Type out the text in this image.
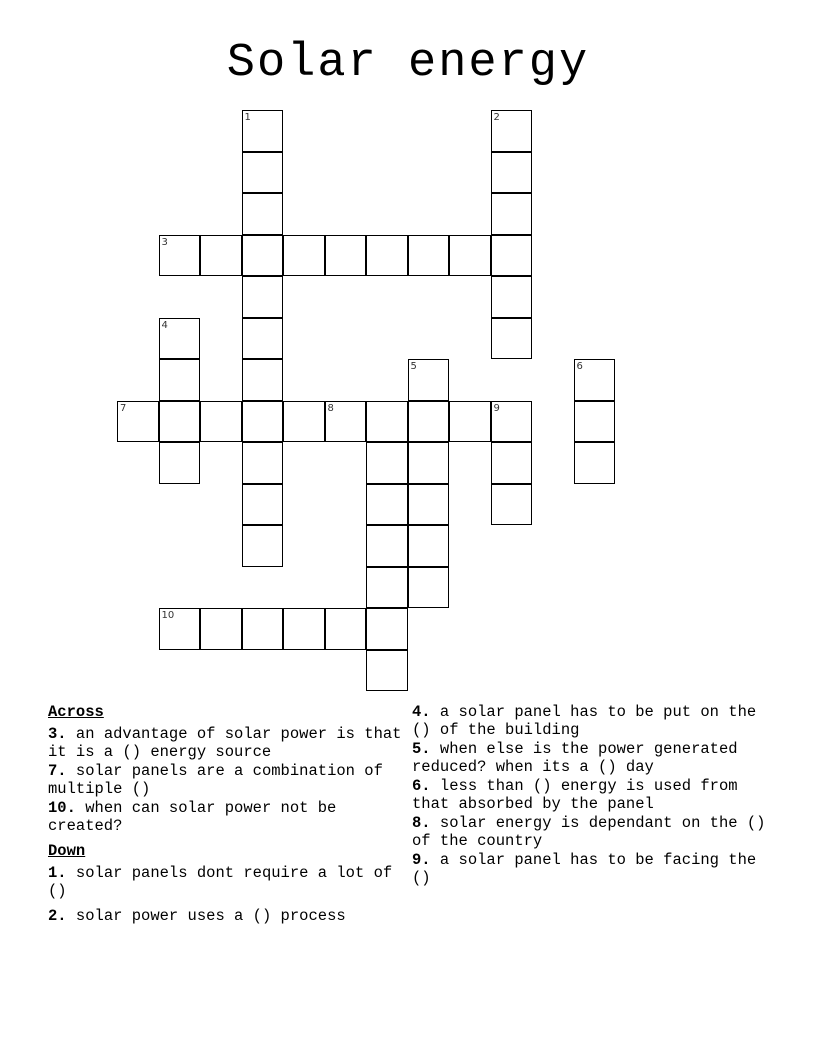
Solar energy
1	2
3
4
5	6
7	8	9
10
Across
3. an advantage of solar power is that it is a () energy source
7. solar panels are a combination of multiple ()
10. when can solar power not be created?
Down
1. solar panels dont require a lot of ()
2. solar power uses a () process
4. a solar panel has to be put on the () of the building
5. when else is the power generated reduced? when its a () day
6. less than () energy is used from that absorbed by the panel
8. solar energy is dependant on the () of the country
9. a solar panel has to be facing the ()
